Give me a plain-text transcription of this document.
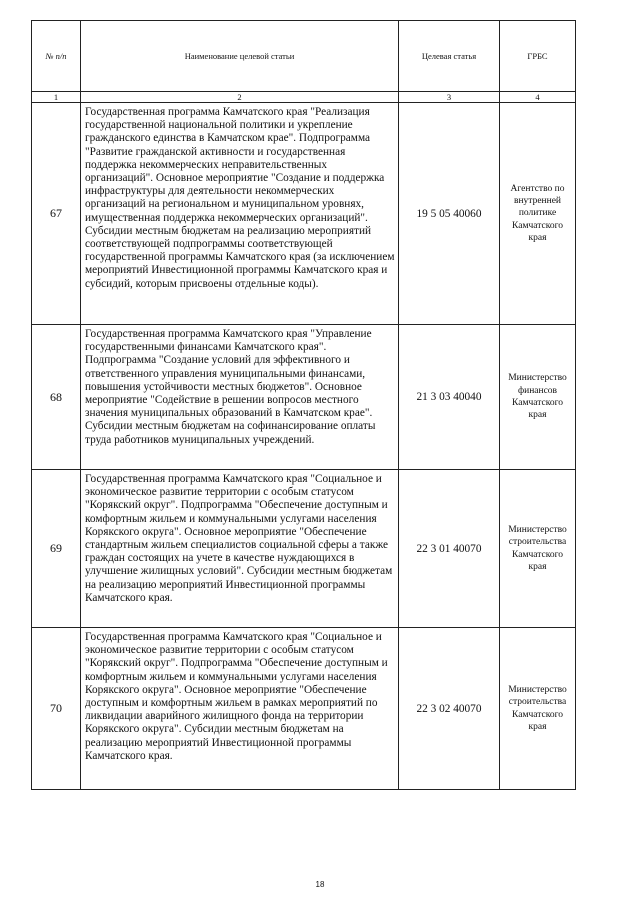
№ п/п	Наименование целевой статьи	Целевая статья	ГРБС
1	2	3	4
67	Государственная программа Камчатского края "Реализация государственной национальной политики и укрепление гражданского единства в Камчатском крае". Подпрограмма "Развитие гражданской активности и государственная поддержка некоммерческих неправительственных организаций". Основное мероприятие "Создание и поддержка инфраструктуры для деятельности некоммерческих организаций на региональном и муниципальном уровнях, имущественная поддержка некоммерческих организаций". Субсидии местным бюджетам на реализацию мероприятий соответствующей подпрограммы соответствующей государственной программы Камчатского края (за исключением мероприятий Инвестиционной программы Камчатского края и субсидий, которым присвоены отдельные коды).	19 5 05 40060	Агентство по внутренней политике Камчатского края
68	Государственная программа Камчатского края "Управление государственными финансами Камчатского края". Подпрограмма "Создание условий для эффективного и ответственного управления муниципальными финансами, повышения устойчивости местных бюджетов". Основное мероприятие "Содействие в решении вопросов местного значения муниципальных образований в Камчатском крае". Субсидии местным бюджетам на софинансирование оплаты труда работников муниципальных учреждений.	21 3 03 40040	Министерство финансов Камчатского края
69	Государственная программа Камчатского края "Социальное и экономическое развитие территории с особым статусом "Корякский округ". Подпрограмма "Обеспечение доступным и комфортным жильем и коммунальными услугами населения Корякского округа". Основное мероприятие "Обеспечение стандартным жильем специалистов социальной сферы а также граждан состоящих на учете в качестве нуждающихся в улучшение жилищных условий". Субсидии местным бюджетам на реализацию мероприятий Инвестиционной программы Камчатского края.	22 3 01 40070	Министерство строительства Камчатского края
70	Государственная программа Камчатского края "Социальное и экономическое развитие территории с особым статусом "Корякский округ". Подпрограмма "Обеспечение доступным и комфортным жильем и коммунальными услугами населения Корякского округа". Основное мероприятие "Обеспечение доступным и комфортным жильем в рамках мероприятий по ликвидации аварийного жилищного фонда на территории Корякского округа". Субсидии местным бюджетам на реализацию мероприятий Инвестиционной программы Камчатского края.	22 3 02 40070	Министерство строительства Камчатского края
18
